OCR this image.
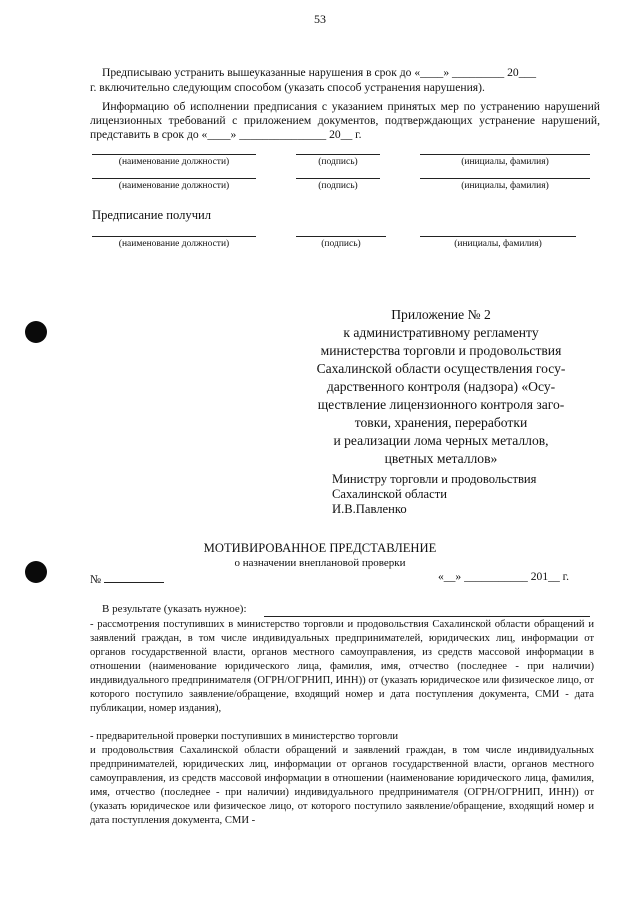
53
Предписываю устранить вышеуказанные нарушения в срок до «____» _________ 20___
г. включительно следующим способом (указать способ устранения нарушения).
Информацию об исполнении предписания с указанием принятых мер по устранению нарушений лицензионных требований с приложением документов, подтверждающих устранение нарушений, представить в срок до «____» _______________ 20__ г.
(наименование должности)	(подпись)	(инициалы, фамилия)
(наименование должности)	(подпись)	(инициалы, фамилия)
Предписание получил
(наименование должности)	(подпись)	(инициалы, фамилия)
Приложение № 2
к административному регламенту
министерства торговли и продовольствия
Сахалинской области осуществления госу-
дарственного контроля (надзора) «Осу-
ществление лицензионного контроля заго-
товки, хранения, переработки
и реализации лома черных металлов,
цветных металлов»
Министру торговли и продовольствия
Сахалинской области
И.В.Павленко
МОТИВИРОВАННОЕ ПРЕДСТАВЛЕНИЕ
о назначении внеплановой проверки
№	«__» ___________ 201__ г.
В результате (указать нужное):
- рассмотрения поступивших в министерство торговли и продовольствия Сахалинской области обращений и заявлений граждан, в том числе индивидуальных предпринимателей, юридических лиц, информации от органов государственной власти, органов местного самоуправления, из средств массовой информации в отношении (наименование юридического лица, фамилия, имя, отчество (последнее - при наличии) индивидуального предпринимателя (ОГРН/ОГРНИП, ИНН)) от (указать юридическое или физическое лицо, от которого поступило заявление/обращение, входящий номер и дата поступления документа, СМИ - дата публикации, номер издания),
- предварительной проверки поступивших в министерство торговли
и продовольствия Сахалинской области обращений и заявлений граждан, в том числе индивидуальных предпринимателей, юридических лиц, информации от органов государственной власти, органов местного самоуправления, из средств массовой информации в отношении (наименование юридического лица, фамилия, имя, отчество (последнее - при наличии) индивидуального предпринимателя (ОГРН/ОГРНИП, ИНН)) от (указать юридическое или физическое лицо, от которого поступило заявление/обращение, входящий номер и дата поступления документа, СМИ -
